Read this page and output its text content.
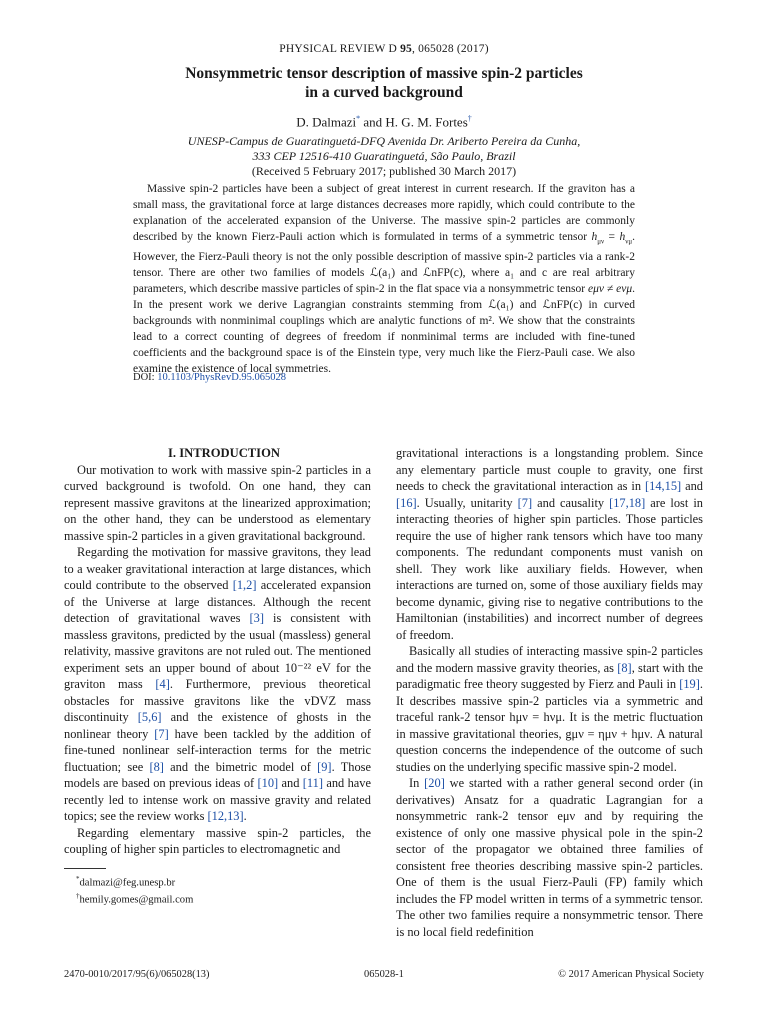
PHYSICAL REVIEW D 95, 065028 (2017)
Nonsymmetric tensor description of massive spin-2 particles
in a curved background
D. Dalmazi* and H. G. M. Fortes†
UNESP-Campus de Guaratinguetá-DFQ Avenida Dr. Ariberto Pereira da Cunha,
333 CEP 12516-410 Guaratinguetá, São Paulo, Brazil
(Received 5 February 2017; published 30 March 2017)

Massive spin-2 particles have been a subject of great interest in current research. If the graviton has a small mass, the gravitational force at large distances decreases more rapidly, which could contribute to the explanation of the accelerated expansion of the Universe. The massive spin-2 particles are commonly described by the known Fierz-Pauli action which is formulated in terms of a symmetric tensor $h_{\mu\nu} = h_{\nu\mu}$. However, the Fierz-Pauli theory is not the only possible description of massive spin-2 particles via a rank-2 tensor. There are other two families of models ℒ(a₁) and ℒnFP(c), where a₁ and c are real arbitrary parameters, which describe massive particles of spin-2 in the flat space via a nonsymmetric tensor eμν ≠ eνμ. In the present work we derive Lagrangian constraints stemming from ℒ(a₁) and ℒnFP(c) in curved backgrounds with nonminimal couplings which are analytic functions of m². We show that the constraints lead to a correct counting of degrees of freedom if nonminimal terms are included with fine-tuned coefficients and the background space is of the Einstein type, very much like the Fierz-Pauli case. We also examine the existence of local symmetries.

DOI: 10.1103/PhysRevD.95.065028

I. INTRODUCTION

Our motivation to work with massive spin-2 particles in a curved background is twofold. On one hand, they can represent massive gravitons at the linearized approximation; on the other hand, they can be understood as elementary massive spin-2 particles in a given gravitational background.

Regarding the motivation for massive gravitons, they lead to a weaker gravitational interaction at large distances, which could contribute to the observed [1,2] accelerated expansion of the Universe at large distances. Although the recent detection of gravitational waves [3] is consistent with massless gravitons, predicted by the usual (massless) general relativity, massive gravitons are not ruled out. The mentioned experiment sets an upper bound of about 10⁻²² eV for the graviton mass [4]. Furthermore, previous theoretical obstacles for massive gravitons like the vDVZ mass discontinuity [5,6] and the existence of ghosts in the nonlinear theory [7] have been tackled by the addition of fine-tuned nonlinear self-interaction terms for the metric fluctuation; see [8] and the bimetric model of [9]. Those models are based on previous ideas of [10] and [11] and have recently led to intense work on massive gravity and related topics; see the review works [12,13].

Regarding elementary massive spin-2 particles, the coupling of higher spin particles to electromagnetic and

gravitational interactions is a longstanding problem. Since any elementary particle must couple to gravity, one first needs to check the gravitational interaction as in [14,15] and [16]. Usually, unitarity [7] and causality [17,18] are lost in interacting theories of higher spin particles. Those particles require the use of higher rank tensors which have too many components. The redundant components must vanish on shell. They work like auxiliary fields. However, when interactions are turned on, some of those auxiliary fields may become dynamic, giving rise to negative contributions to the Hamiltonian (instabilities) and incorrect number of degrees of freedom.

Basically all studies of interacting massive spin-2 particles and the modern massive gravity theories, as [8], start with the paradigmatic free theory suggested by Fierz and Pauli in [19]. It describes massive spin-2 particles via a symmetric and traceful rank-2 tensor hμν = hνμ. It is the metric fluctuation in massive gravitational theories, gμν = ημν + hμν. A natural question concerns the independence of the outcome of such studies on the underlying specific massive spin-2 model.

In [20] we started with a rather general second order (in derivatives) Ansatz for a quadratic Lagrangian for a nonsymmetric rank-2 tensor eμν and by requiring the existence of only one massive physical pole in the spin-2 sector of the propagator we obtained three families of consistent free theories describing massive spin-2 particles. One of them is the usual Fierz-Pauli (FP) family which includes the FP model written in terms of a symmetric tensor. The other two families require a nonsymmetric tensor. There is no local field redefinition

*dalmazi@feg.unesp.br
†hemily.gomes@gmail.com
2470-0010/2017/95(6)/065028(13)	065028-1	© 2017 American Physical Society
